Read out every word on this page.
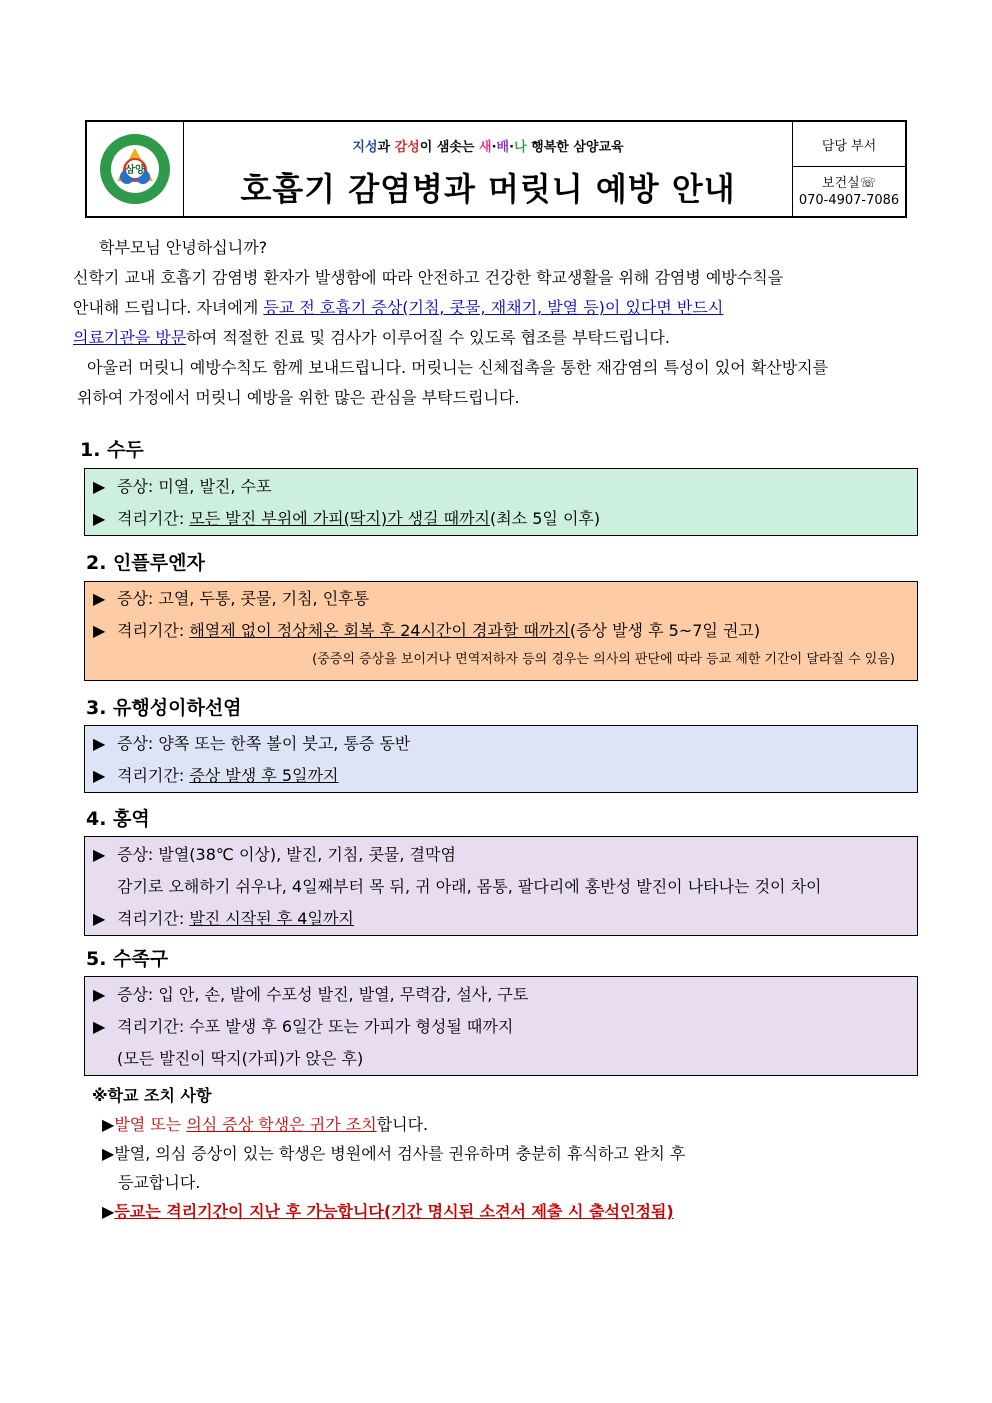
삼양
지성과 감성이 샘솟는 새·배·나 행복한 삼양교육
호흡기 감염병과 머릿니 예방 안내
담당 부서
보건실☏
070-4907-7086

학부모님 안녕하십니까?

신학기 교내 호흡기 감염병 환자가 발생함에 따라 안전하고 건강한 학교생활을 위해 감염병 예방수칙을

안내해 드립니다. 자녀에게 등교 전 호흡기 증상(기침, 콧물, 재채기, 발열 등)이 있다면 반드시

의료기관을 방문하여 적절한 진료 및 검사가 이루어질 수 있도록 협조를 부탁드립니다.

아울러 머릿니 예방수칙도 함께 보내드립니다. 머릿니는 신체접촉을 통한 재감염의 특성이 있어 확산방지를

위하여 가정에서 머릿니 예방을 위한 많은 관심을 부탁드립니다.

1. 수두
▶ 증상: 미열, 발진, 수포
▶ 격리기간: 모든 발진 부위에 가피(딱지)가 생길 때까지(최소 5일 이후)
2. 인플루엔자
▶ 증상: 고열, 두통, 콧물, 기침, 인후통
▶ 격리기간: 해열제 없이 정상체온 회복 후 24시간이 경과할 때까지(증상 발생 후 5~7일 권고)
(중증의 증상을 보이거나 면역저하자 등의 경우는 의사의 판단에 따라 등교 제한 기간이 달라질 수 있음)
3. 유행성이하선염
▶ 증상: 양쪽 또는 한쪽 볼이 붓고, 통증 동반
▶ 격리기간: 증상 발생 후 5일까지
4. 홍역
▶ 증상: 발열(38℃ 이상), 발진, 기침, 콧물, 결막염
감기로 오해하기 쉬우나, 4일째부터 목 뒤, 귀 아래, 몸통, 팔다리에 홍반성 발진이 나타나는 것이 차이
▶ 격리기간: 발진 시작된 후 4일까지
5. 수족구
▶ 증상: 입 안, 손, 발에 수포성 발진, 발열, 무력감, 설사, 구토
▶ 격리기간: 수포 발생 후 6일간 또는 가피가 형성될 때까지
(모든 발진이 딱지(가피)가 앉은 후)
※학교 조치 사항
▶발열 또는 의심 증상 학생은 귀가 조치합니다.
▶발열, 의심 증상이 있는 학생은 병원에서 검사를 권유하며 충분히 휴식하고 완치 후
등교합니다.
▶등교는 격리기간이 지난 후 가능합니다(기간 명시된 소견서 제출 시 출석인정됨)
